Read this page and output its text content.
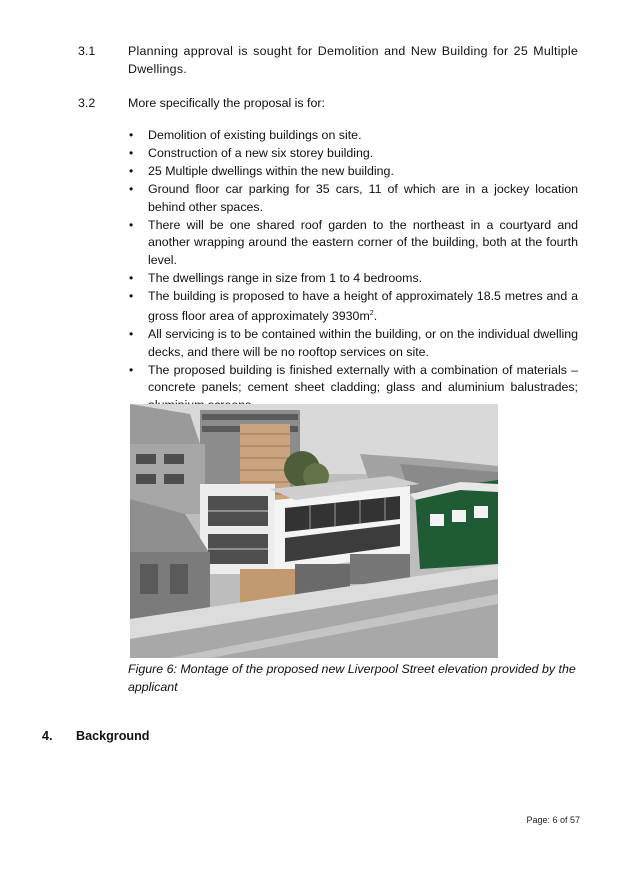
3.1	Planning approval is sought for Demolition and New Building for 25 Multiple Dwellings.
3.2	More specifically the proposal is for:
• Demolition of existing buildings on site.
• Construction of a new six storey building.
• 25 Multiple dwellings within the new building.
• Ground floor car parking for 35 cars, 11 of which are in a jockey location behind other spaces.
• There will be one shared roof garden to the northeast in a courtyard and another wrapping around the eastern corner of the building, both at the fourth level.
• The dwellings range in size from 1 to 4 bedrooms.
• The building is proposed to have a height of approximately 18.5 metres and a gross floor area of approximately $3930m^2$.
• All servicing is to be contained within the building, or on the individual dwelling decks, and there will be no rooftop services on site.
• The proposed building is finished externally with a combination of materials – concrete panels; cement sheet cladding; glass and aluminium balustrades;
Figure 6: Montage of the proposed new Liverpool Street elevation provided by the applicant
4. Background
Page: 6 of 57
